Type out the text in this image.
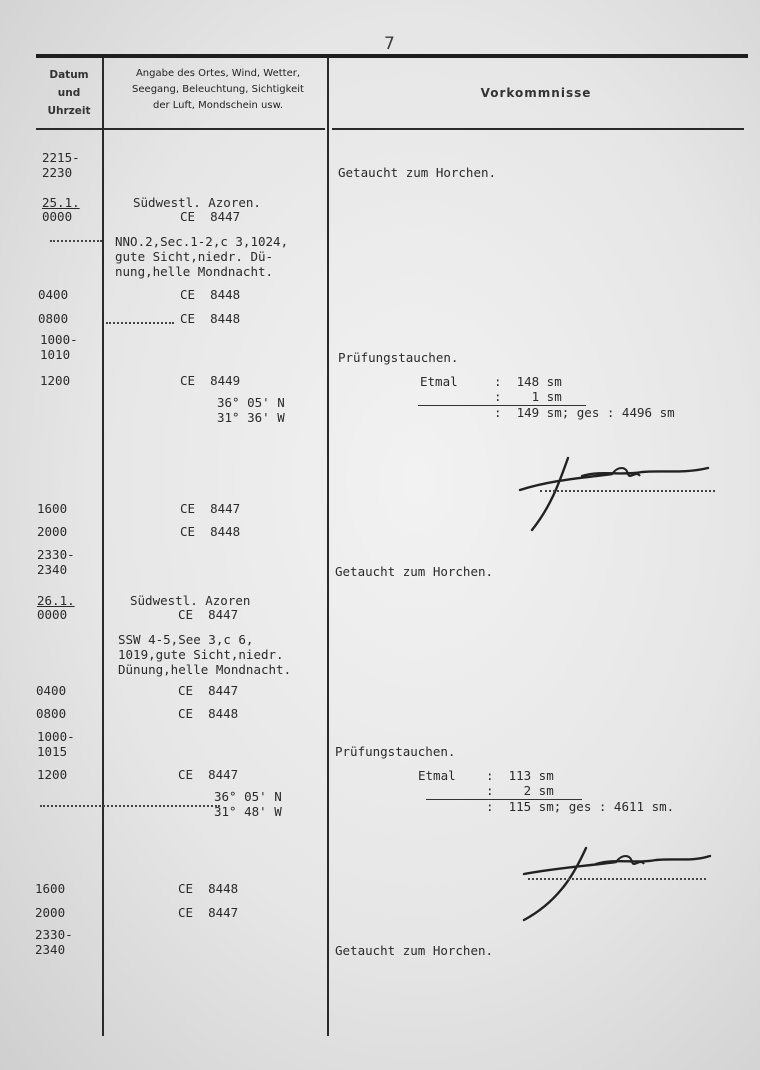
7
Datum
und
Uhrzeit
Angabe des Ortes, Wind, Wetter,
Seegang, Beleuchtung, Sichtigkeit
der Luft, Mondschein usw.
Vorkommnisse
2215-
2230
25.1.
0000
0400
0800
1000-
1010
1200
1600
2000
2330-
2340
26.1.
0000
0400
0800
1000-
1015
1200
1600
2000
2330-
2340
Südwestl. Azoren.
CE  8447
NNO.2,Sec.1-2,c 3,1024,
gute Sicht,niedr. Dü-
nung,helle Mondnacht.
CE  8448
CE  8448
CE  8449
36° 05' N
31° 36' W
CE  8447
CE  8448
Südwestl. Azoren
CE  8447
SSW 4-5,See 3,c 6,
1019,gute Sicht,niedr.
Dünung,helle Mondnacht.
CE  8447
CE  8448
CE  8447
36° 05' N
31° 48' W
CE  8448
CE  8447
Getaucht zum Horchen.
Prüfungstauchen.
Etmal	:  148 sm
:    1 sm
:  149 sm; ges : 4496 sm
Getaucht zum Horchen.
Prüfungstauchen.
Etmal :  113 sm
:    2 sm
:  115 sm; ges : 4611 sm.
Getaucht zum Horchen.
